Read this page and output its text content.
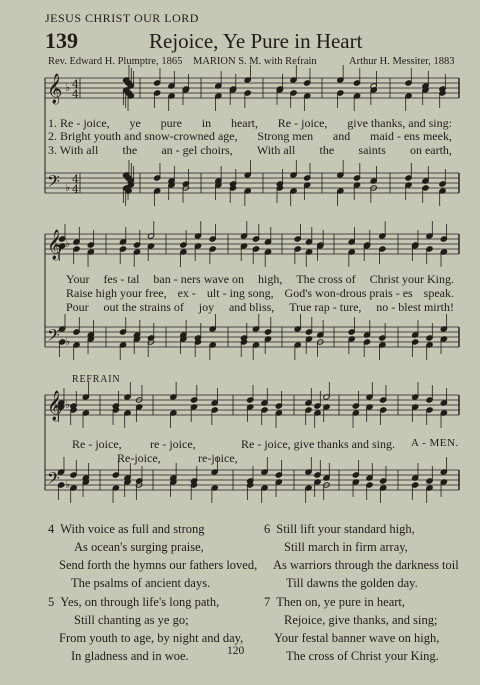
JESUS CHRIST OUR LORD
139	Rejoice, Ye Pure in Heart
Rev. Edward H. Plumptre, 1865 MARION S. M. with Refrain	Arthur H. Messiter, 1883
𝄞
𝄢
♭
♭
4
4
4
4
𝄞
𝄢
♭
♭
𝄞
𝄢
♭
♭
1. Re - joice, ye pure in heart, Re - joice, give thanks, and sing:
2. Bright youth and snow-crowned age, Strong men and maid - ens meek,
3. With all the an - gel choirs, With all the saints on earth,
Your fes - tal ban - ners wave on high, The cross of Christ your King.
Raise high your free, ex - ult - ing song, God's won-drous prais - es speak.
Pour out the strains of joy and bliss, True rap - ture, no - blest mirth!
REFRAIN
Re - joice, re - joice,	Re - joice, give thanks and sing. A - MEN.
Re-joice,	re-joice,
4 With voice as full and strong
As ocean's surging praise,
Send forth the hymns our fathers loved,
The psalms of ancient days.
5 Yes, on through life's long path,
Still chanting as ye go;
From youth to age, by night and day,
In gladness and in woe.
6 Still lift your standard high,
Still march in firm array,
As warriors through the darkness toil
Till dawns the golden day.
7 Then on, ye pure in heart,
Rejoice, give thanks, and sing;
Your festal banner wave on high,
The cross of Christ your King.
120
